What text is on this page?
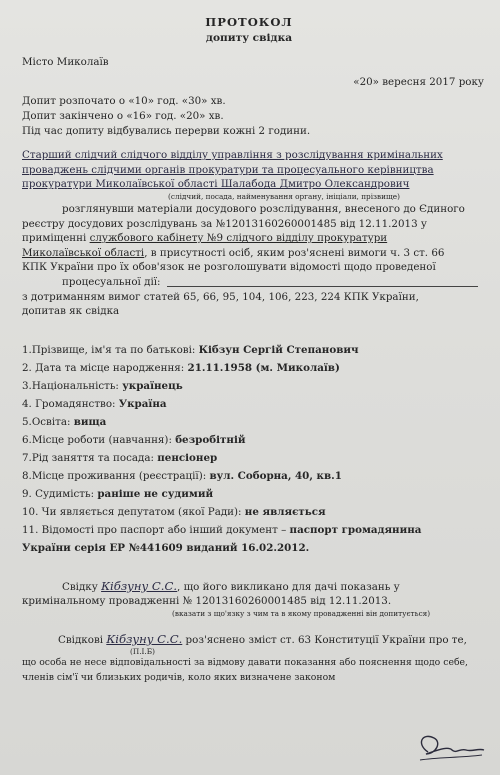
ПРОТОКОЛ
допиту свідка
Місто Миколаїв
«20» вересня 2017 року
Допит розпочато о «10» год. «30» хв.
Допит закінчено о «16» год. «20» хв.
Під час допиту відбувались перерви кожні 2 години.
Старший слідчий слідчого відділу управління з розслідування кримінальних
проваджень слідчими органів прокуратури та процесуального керівництва
прокуратури Миколаївської області Шалабода Дмитро Олександрович
(слідчий, посада, найменування органу, ініціали, прізвище)
розглянувши матеріали досудового розслідування, внесеного до Єдиного
реєстру досудових розслідувань за №12013160260001485 від 12.11.2013 у
приміщенні службового кабінету №9 слідчого відділу прокуратури
Миколаївської області, в присутності осіб, яким роз'яснені вимоги ч. 3 ст. 66
КПК України про їх обов'язок не розголошувати відомості щодо проведеної
процесуальної дії:
з дотриманням вимог статей 65, 66, 95, 104, 106, 223, 224 КПК України,
допитав як свідка
1.Прізвище, ім'я та по батькові: Кібзун Сергій Степанович
2. Дата та місце народження: 21.11.1958 (м. Миколаїв)
3.Національність: українець
4. Громадянство: Україна
5.Освіта: вища
6.Місце роботи (навчання): безробітній
7.Рід заняття та посада: пенсіонер
8.Місце проживання (реєстрації): вул. Соборна, 40, кв.1
9. Судимість: раніше не судимий
10. Чи являється депутатом (якої Ради): не являється
11. Відомості про паспорт або інший документ – паспорт громадянина
України серія ЕР №441609 виданий 16.02.2012.
Свідку Кібзуну С.С., що його викликано для дачі показань у
кримінальному провадженні № 12013160260001485 від 12.11.2013.
(вказати з що'язку з чим та в якому провадженні він допитується)
Свідкові Кібзуну С.С. роз'яснено зміст ст. 63 Конституції України про те,
(П.І.Б)
що особа не несе відповідальності за відмову давати показання або пояснення щодо себе,
членів сім'ї чи близьких родичів, коло яких визначене законом
